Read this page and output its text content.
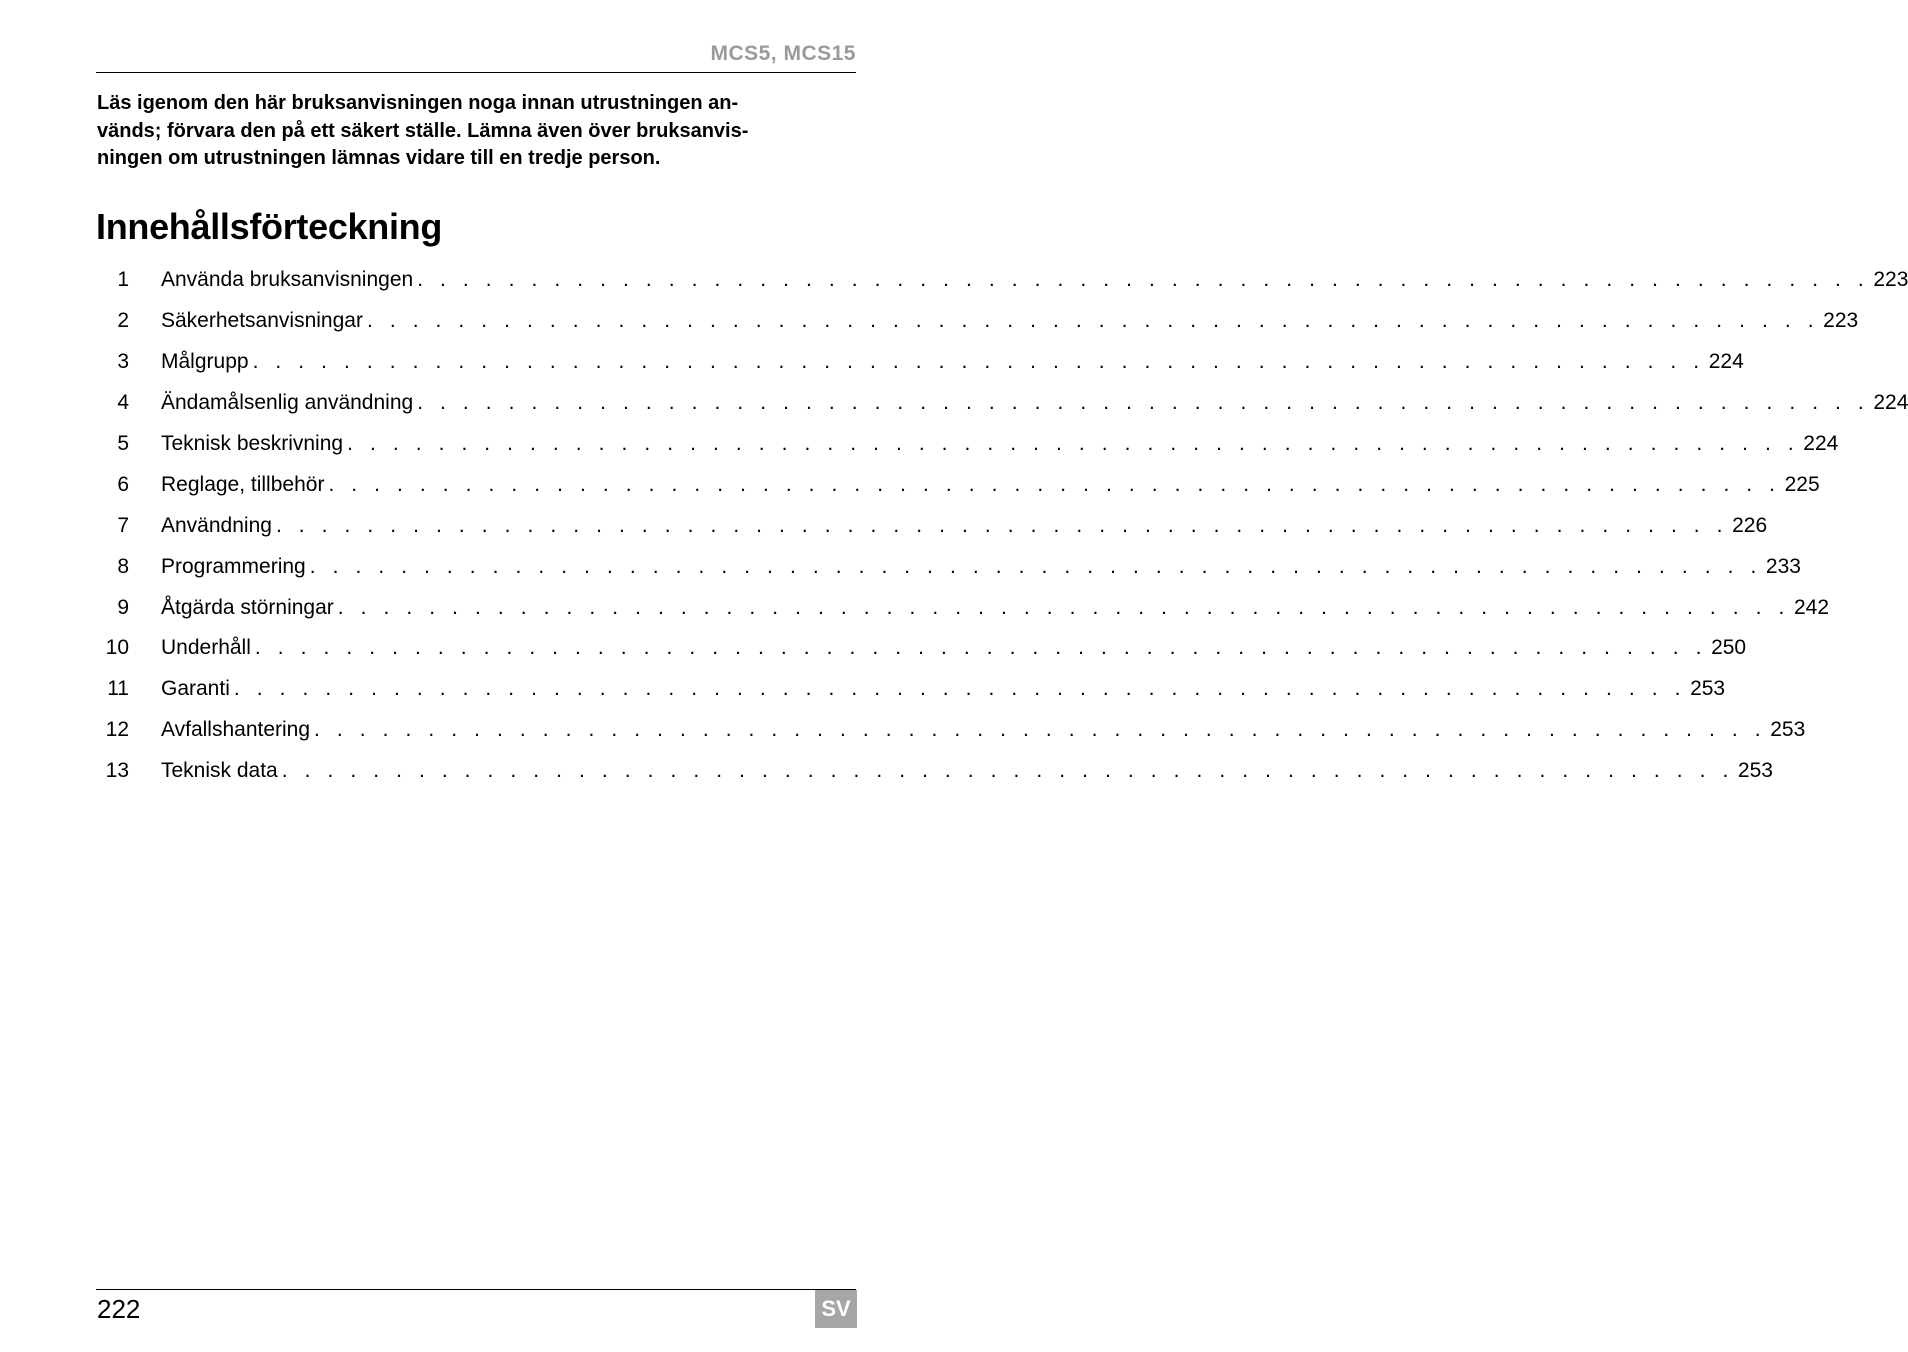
MCS5, MCS15

Läs igenom den här bruksanvisningen noga innan utrustningen an-
vänds; förvara den på ett säkert ställe. Lämna även över bruksanvis-
ningen om utrustningen lämnas vidare till en tredje person.

Innehållsförteckning
1 Använda bruksanvisningen . . . . . . . . . . . . . . . . . . . . . . . . . . . . . . . . . . . . . . . . . . . . . . . . . . . . . . . . . . . . . . . . 223
2 Säkerhetsanvisningar . . . . . . . . . . . . . . . . . . . . . . . . . . . . . . . . . . . . . . . . . . . . . . . . . . . . . . . . . . . . . . . . 223
3 Målgrupp . . . . . . . . . . . . . . . . . . . . . . . . . . . . . . . . . . . . . . . . . . . . . . . . . . . . . . . . . . . . . . . . 224
4 Ändamålsenlig användning . . . . . . . . . . . . . . . . . . . . . . . . . . . . . . . . . . . . . . . . . . . . . . . . . . . . . . . . . . . . . . . . 224
5 Teknisk beskrivning . . . . . . . . . . . . . . . . . . . . . . . . . . . . . . . . . . . . . . . . . . . . . . . . . . . . . . . . . . . . . . . . 224
6 Reglage, tillbehör . . . . . . . . . . . . . . . . . . . . . . . . . . . . . . . . . . . . . . . . . . . . . . . . . . . . . . . . . . . . . . . . 225
7 Användning . . . . . . . . . . . . . . . . . . . . . . . . . . . . . . . . . . . . . . . . . . . . . . . . . . . . . . . . . . . . . . . . 226
8 Programmering . . . . . . . . . . . . . . . . . . . . . . . . . . . . . . . . . . . . . . . . . . . . . . . . . . . . . . . . . . . . . . . . 233
9 Åtgärda störningar . . . . . . . . . . . . . . . . . . . . . . . . . . . . . . . . . . . . . . . . . . . . . . . . . . . . . . . . . . . . . . . . 242
10 Underhåll . . . . . . . . . . . . . . . . . . . . . . . . . . . . . . . . . . . . . . . . . . . . . . . . . . . . . . . . . . . . . . . . 250
11 Garanti . . . . . . . . . . . . . . . . . . . . . . . . . . . . . . . . . . . . . . . . . . . . . . . . . . . . . . . . . . . . . . . . 253
12 Avfallshantering . . . . . . . . . . . . . . . . . . . . . . . . . . . . . . . . . . . . . . . . . . . . . . . . . . . . . . . . . . . . . . . . 253
13 Teknisk data . . . . . . . . . . . . . . . . . . . . . . . . . . . . . . . . . . . . . . . . . . . . . . . . . . . . . . . . . . . . . . . . 253
222	SV
